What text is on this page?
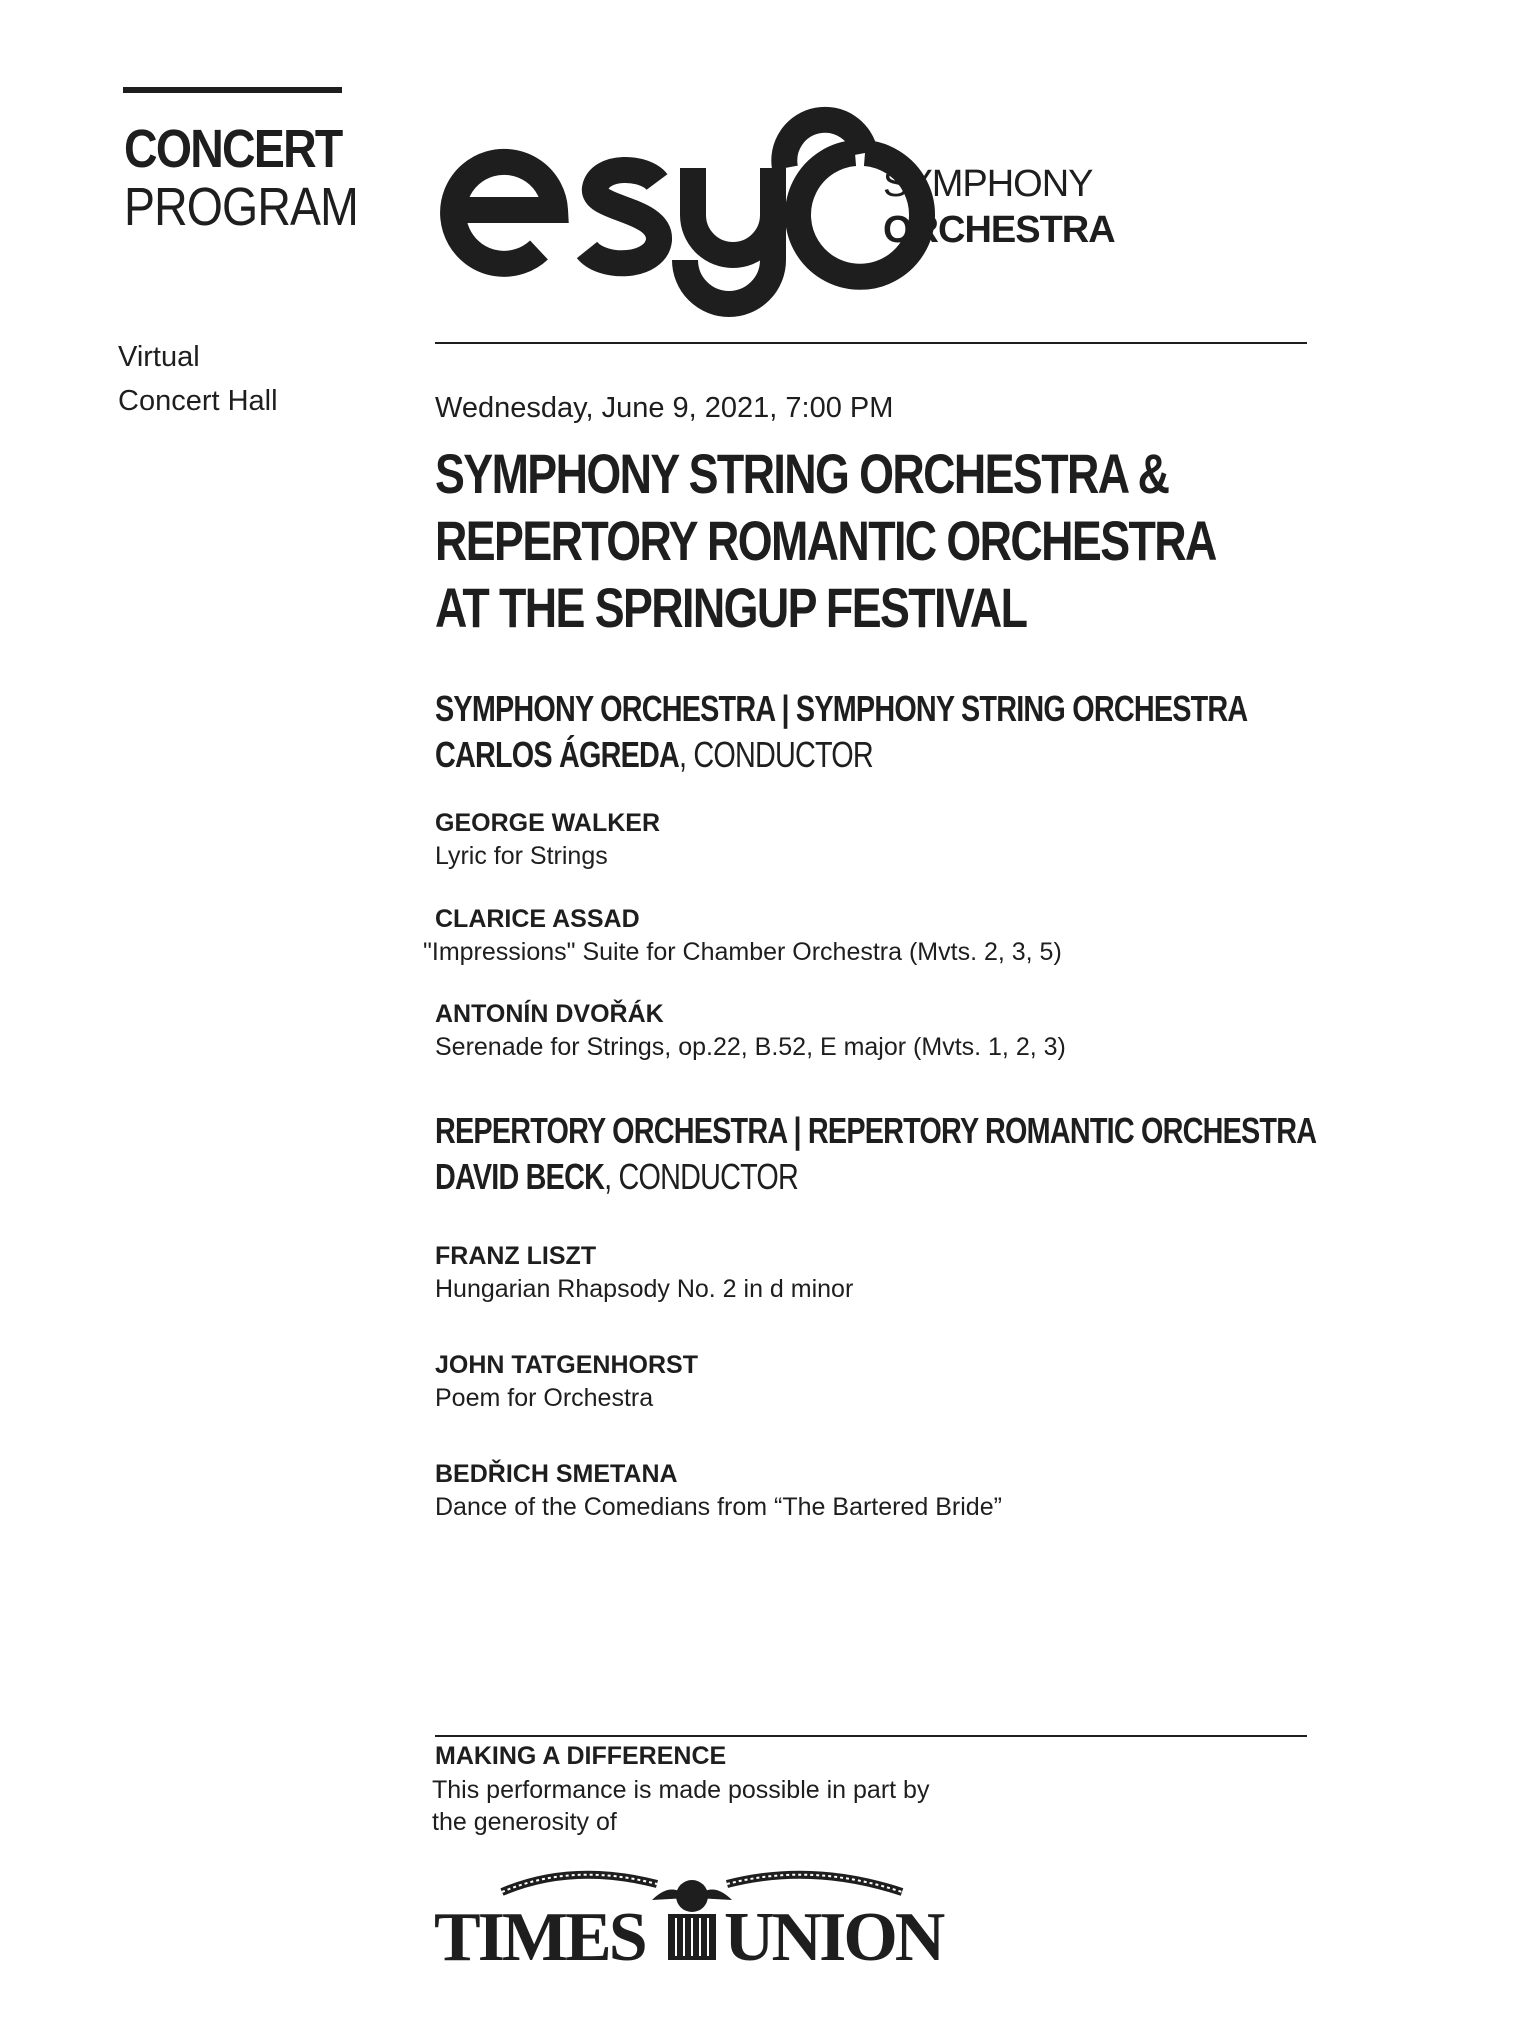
CONCERT
PROGRAM
Virtual
Concert Hall
SYMPHONY
ORCHESTRA
Wednesday, June 9, 2021, 7:00 PM
SYMPHONY STRING ORCHESTRA &
REPERTORY ROMANTIC ORCHESTRA
AT THE SPRINGUP FESTIVAL
SYMPHONY ORCHESTRA | SYMPHONY STRING ORCHESTRA
CARLOS ÁGREDA, CONDUCTOR
GEORGE WALKER
Lyric for Strings
CLARICE ASSAD
"Impressions" Suite for Chamber Orchestra (Mvts. 2, 3, 5)
ANTONÍN DVOŘÁK
Serenade for Strings, op.22, B.52, E major (Mvts. 1, 2, 3)
REPERTORY ORCHESTRA | REPERTORY ROMANTIC ORCHESTRA
DAVID BECK, CONDUCTOR
FRANZ LISZT
Hungarian Rhapsody No. 2 in d minor
JOHN TATGENHORST
Poem for Orchestra
BEDŘICH SMETANA
Dance of the Comedians from “The Bartered Bride”
MAKING A DIFFERENCE
This performance is made possible in part by
the generosity of
TIMES UNION
